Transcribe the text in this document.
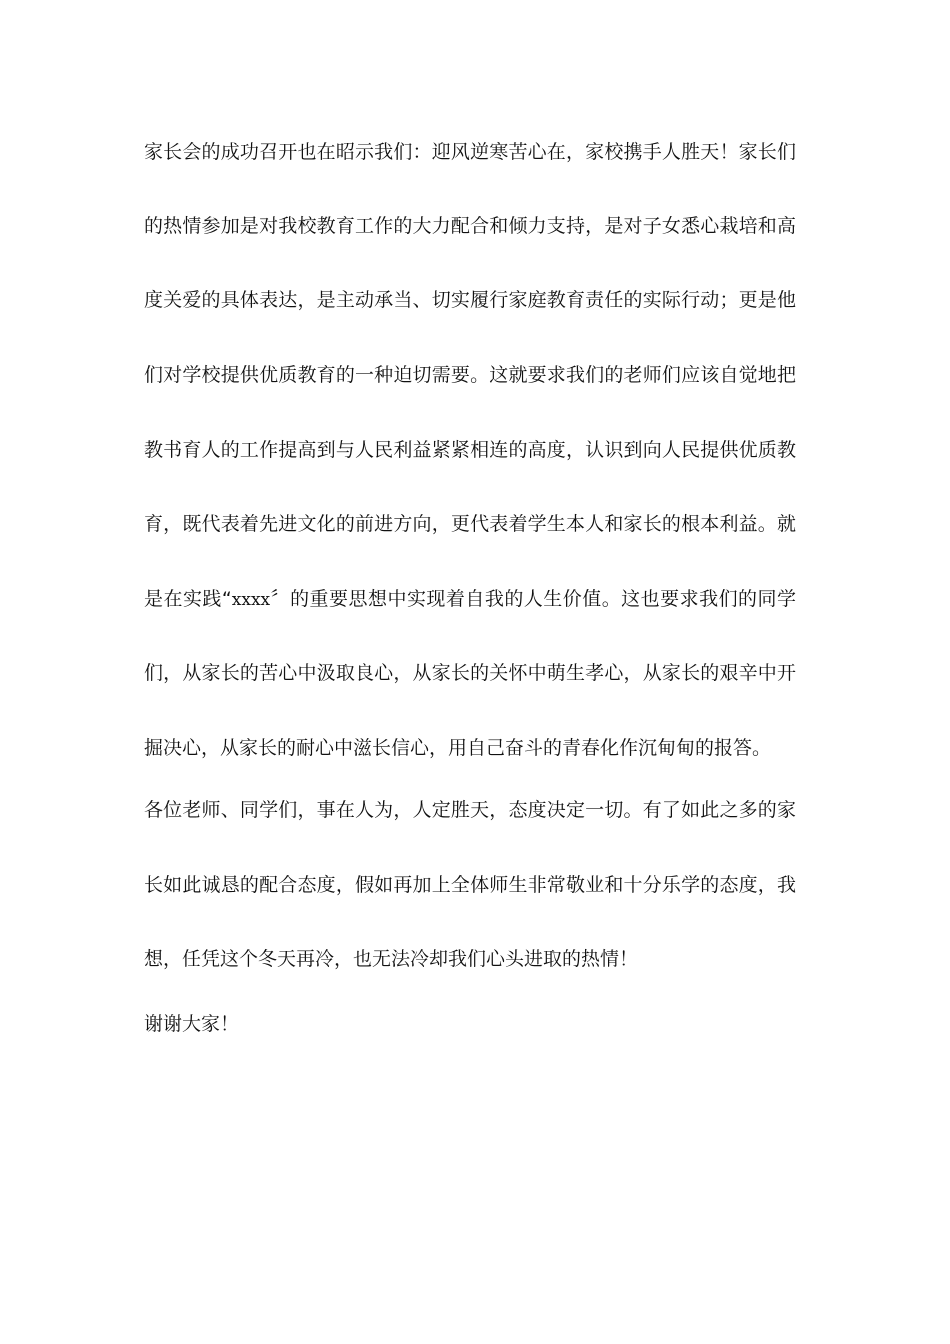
家长会的成功召开也在昭示我们：迎风逆寒苦心在，家校携手人胜天！家长们
的热情参加是对我校教育工作的大力配合和倾力支持，是对子女悉心栽培和高
度关爱的具体表达，是主动承当、切实履行家庭教育责任的实际行动；更是他
们对学校提供优质教育的一种迫切需要。这就要求我们的老师们应该自觉地把
教书育人的工作提高到与人民利益紧紧相连的高度，认识到向人民提供优质教
育，既代表着先进文化的前进方向，更代表着学生本人和家长的根本利益。就
是在实践“xxxx〞的重要思想中实现着自我的人生价值。这也要求我们的同学
们，从家长的苦心中汲取良心，从家长的关怀中萌生孝心，从家长的艰辛中开
掘决心，从家长的耐心中滋长信心，用自己奋斗的青春化作沉甸甸的报答。
各位老师、同学们，事在人为，人定胜天，态度决定一切。有了如此之多的家
长如此诚恳的配合态度，假如再加上全体师生非常敬业和十分乐学的态度，我
想，任凭这个冬天再冷，也无法冷却我们心头进取的热情！
谢谢大家！
